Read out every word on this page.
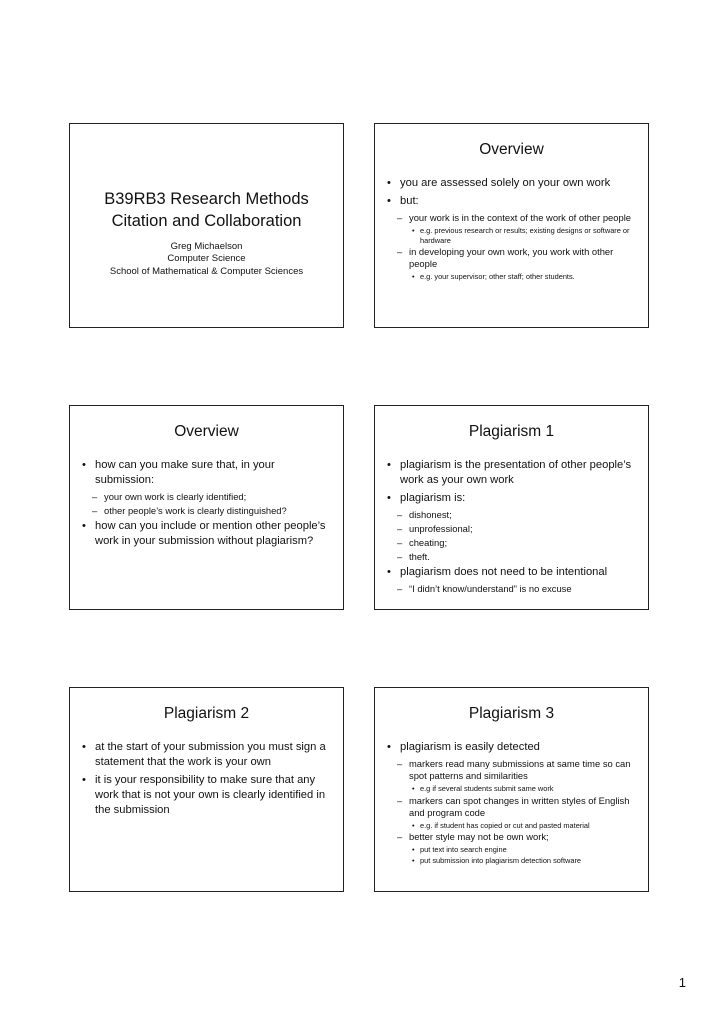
B39RB3 Research Methods
Citation and Collaboration
Greg Michaelson
Computer Science
School of Mathematical & Computer Sciences
Overview
• you are assessed solely on your own work
• but:
– your work is in the context of the work of other people
• e.g. previous research or results; existing designs or software or hardware
– in developing your own work, you work with other people
• e.g. your supervisor; other staff; other students.
Overview
• how can you make sure that, in your submission:
– your own work is clearly identified;
– other people’s work is clearly distinguished?
• how can you include or mention other people’s work in your submission without plagiarism?
Plagiarism 1
• plagiarism is the presentation of other people’s work as your own work
• plagiarism is:
– dishonest;
– unprofessional;
– cheating;
– theft.
• plagiarism does not need to be intentional
– “I didn’t know/understand” is no excuse
Plagiarism 2
• at the start of your submission you must sign a statement that the work is your own
• it is your responsibility to make sure that any work that is not your own is clearly identified in the submission
Plagiarism 3
• plagiarism is easily detected
– markers read many submissions at same time so can spot patterns and similarities
• e.g if several students submit same work
– markers can spot changes in written styles of English and program code
• e.g. if student has copied or cut and pasted material
– better style may not be own work;
• put text into search engine
• put submission into plagiarism detection software
1
